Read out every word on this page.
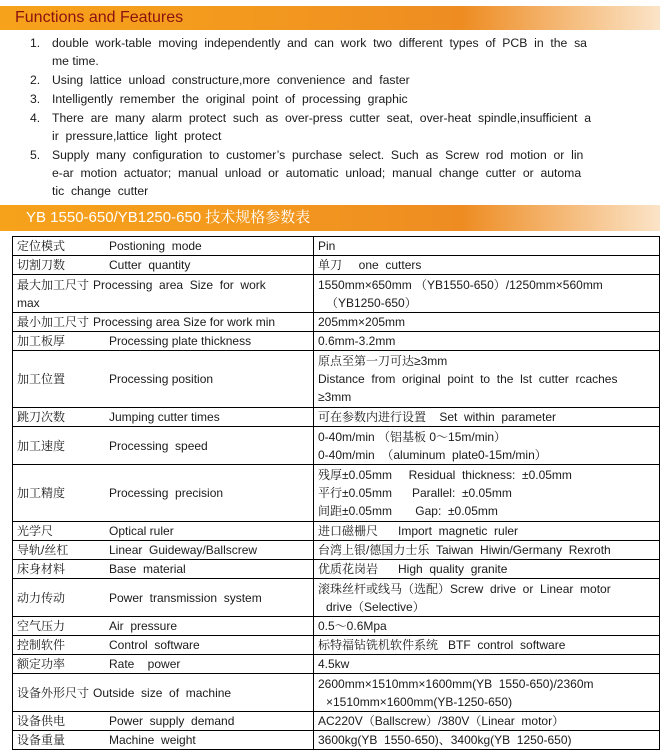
Functions and Features
1. double  work-table  moving  independently  and  can  work  two  different  types  of  PCB  in  the  sa
me time.
2. Using  lattice  unload  constructure,more  convenience  and  faster
3. Intelligently  remember  the  original  point  of  processing  graphic
4. There  are  many  alarm  protect  such  as  over-press  cutter  seat,  over-heat  spindle,insufficient  a
ir  pressure,lattice  light  protect
5. Supply  many  configuration  to  customer’s  purchase  select.  Such  as  Screw  rod  motion  or  lin
e-ar  motion  actuator;  manual  unload  or  automatic  unload;  manual  change  cutter  or  automa
tic  change  cutter
YB 1550-650/YB1250-650 技术规格参数表
定位模式 Postioning  mode	Pin

切割刀数 Cutter  quantity	单刀     one  cutters

最大加工尺寸 Processing  area  Size  for  work
max	1550mm×650mm （YB1550-650）/1250mm×560mm
（YB1250-650）

最小加工尺寸 Processing area Size for work min	205mm×205mm

加工板厚 Processing plate thickness	0.6mm-3.2mm

加工位置 Processing position	原点至第一刀可达≥3mm
Distance  from  original  point  to  the  lst  cutter  rcaches
≥3mm

跳刀次数 Jumping cutter times	可在参数内进行设置    Set  within  parameter

加工速度 Processing  speed	0-40m/min （铝基板 0～15m/min）
0-40m/min  （aluminum  plate0-15m/min）

加工精度 Processing  precision	残厚±0.05mm     Residual  thickness:  ±0.05mm
平行±0.05mm      Parallel:  ±0.05mm
间距±0.05mm       Gap:  ±0.05mm

光学尺 Optical ruler	进口磁栅尺      Import  magnetic  ruler

导轨/丝杠 Linear  Guideway/Ballscrew	台湾上银/德国力士乐  Taiwan  Hiwin/Germany  Rexroth

床身材料 Base  material	优质花岗岩      High  quality  granite

动力传动 Power  transmission  system	滚珠丝杆或线马（选配）Screw  drive  or  Linear  motor
drive（Selective）

空气压力 Air  pressure	0.5～0.6Mpa

控制软件 Control  software	标特福钻铣机软件系统   BTF  control  software

额定功率 Rate    power	4.5kw

设备外形尺寸 Outside  size  of  machine	2600mm×1510mm×1600mm(YB  1550-650)/2360m
×1510mm×1600mm(YB-1250-650)

设备供电 Power  supply  demand	AC220V（Ballscrew）/380V（Linear  motor）

设备重量 Machine  weight	3600kg(YB  1550-650)、3400kg(YB  1250-650)
